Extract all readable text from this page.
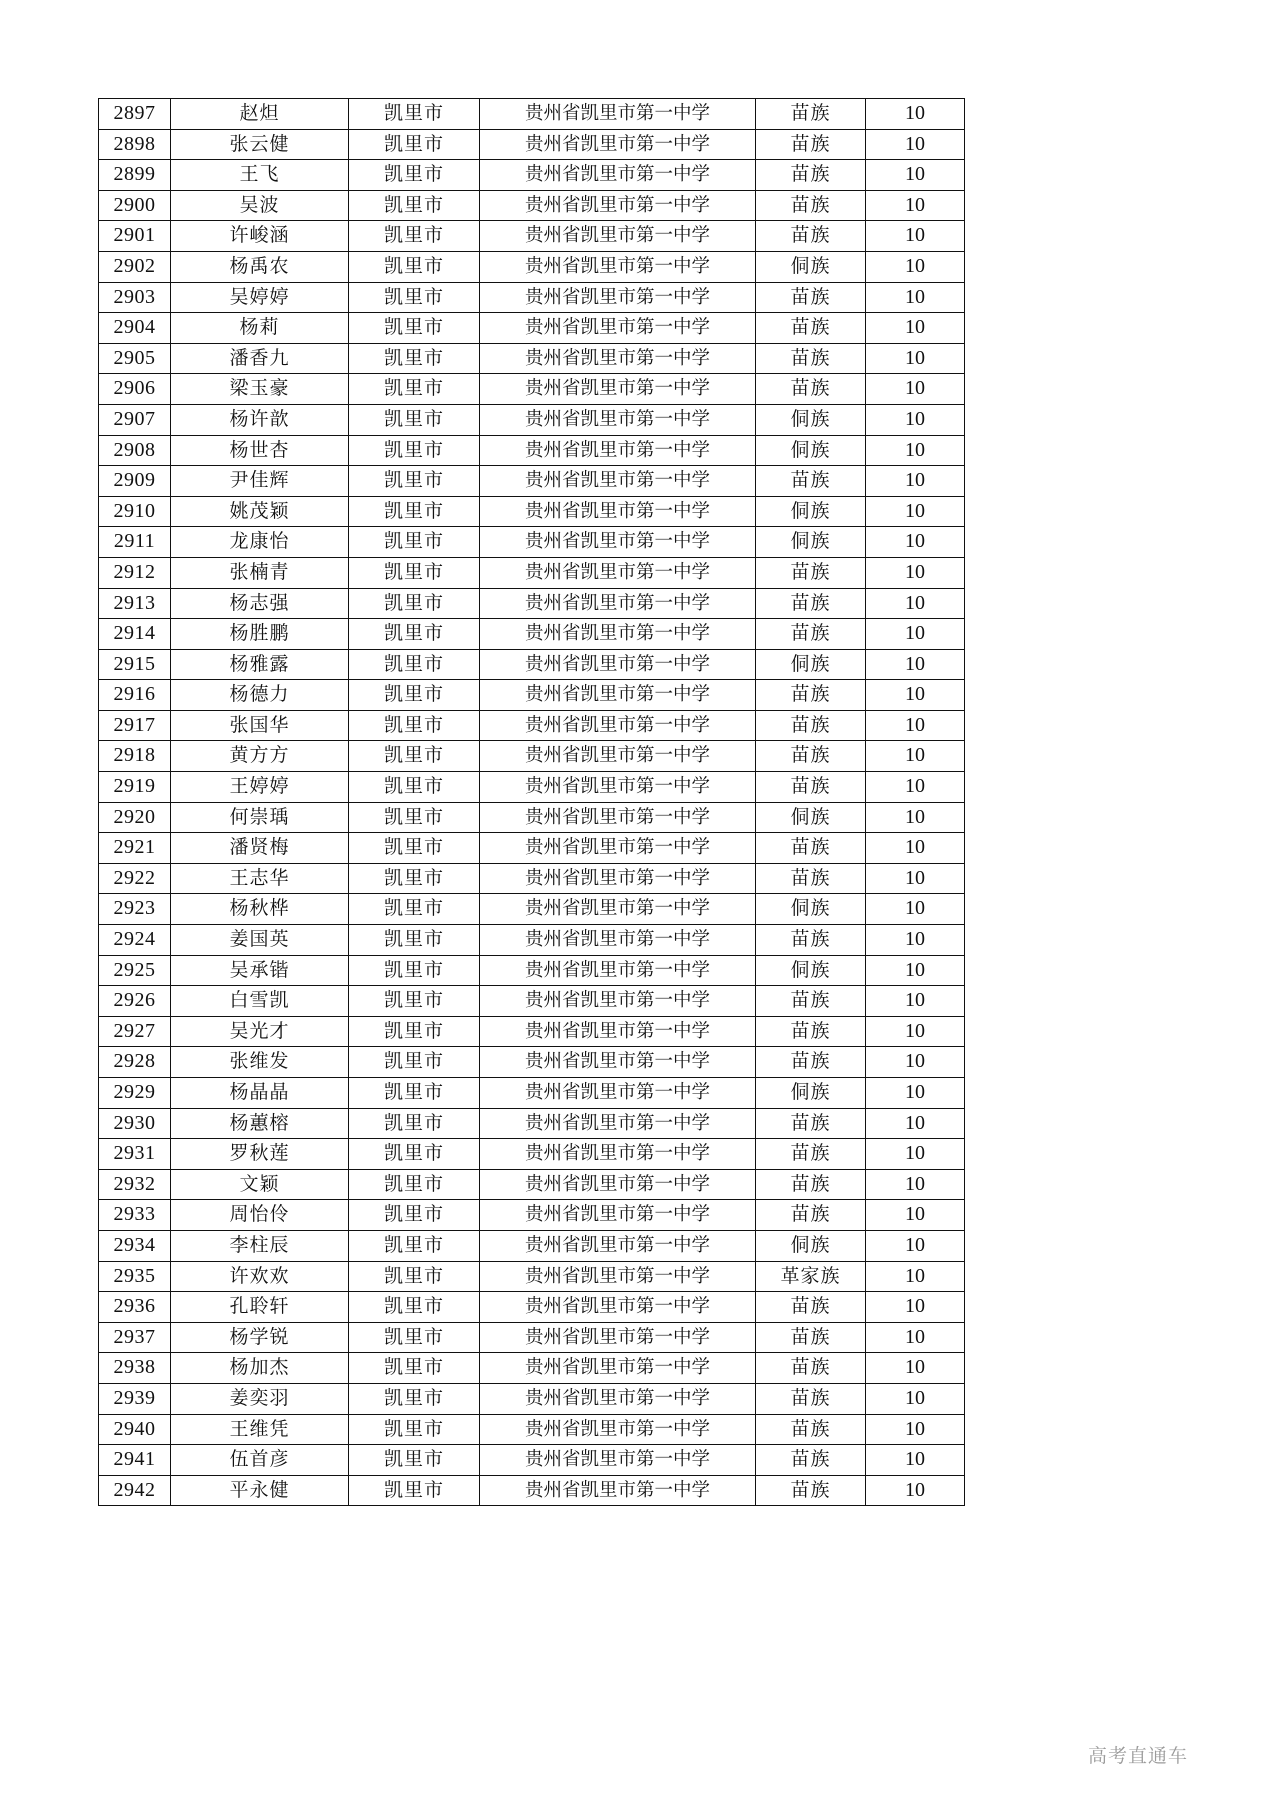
2897	赵炟	凯里市	贵州省凯里市第一中学	苗族	10
2898	张云健	凯里市	贵州省凯里市第一中学	苗族	10
2899	王飞	凯里市	贵州省凯里市第一中学	苗族	10
2900	吴波	凯里市	贵州省凯里市第一中学	苗族	10
2901	许峻涵	凯里市	贵州省凯里市第一中学	苗族	10
2902	杨禹农	凯里市	贵州省凯里市第一中学	侗族	10
2903	吴婷婷	凯里市	贵州省凯里市第一中学	苗族	10
2904	杨莉	凯里市	贵州省凯里市第一中学	苗族	10
2905	潘香九	凯里市	贵州省凯里市第一中学	苗族	10
2906	梁玉豪	凯里市	贵州省凯里市第一中学	苗族	10
2907	杨许歆	凯里市	贵州省凯里市第一中学	侗族	10
2908	杨世杏	凯里市	贵州省凯里市第一中学	侗族	10
2909	尹佳辉	凯里市	贵州省凯里市第一中学	苗族	10
2910	姚茂颖	凯里市	贵州省凯里市第一中学	侗族	10
2911	龙康怡	凯里市	贵州省凯里市第一中学	侗族	10
2912	张楠青	凯里市	贵州省凯里市第一中学	苗族	10
2913	杨志强	凯里市	贵州省凯里市第一中学	苗族	10
2914	杨胜鹏	凯里市	贵州省凯里市第一中学	苗族	10
2915	杨雅露	凯里市	贵州省凯里市第一中学	侗族	10
2916	杨德力	凯里市	贵州省凯里市第一中学	苗族	10
2917	张国华	凯里市	贵州省凯里市第一中学	苗族	10
2918	黄方方	凯里市	贵州省凯里市第一中学	苗族	10
2919	王婷婷	凯里市	贵州省凯里市第一中学	苗族	10
2920	何崇瑀	凯里市	贵州省凯里市第一中学	侗族	10
2921	潘贤梅	凯里市	贵州省凯里市第一中学	苗族	10
2922	王志华	凯里市	贵州省凯里市第一中学	苗族	10
2923	杨秋桦	凯里市	贵州省凯里市第一中学	侗族	10
2924	姜国英	凯里市	贵州省凯里市第一中学	苗族	10
2925	吴承锴	凯里市	贵州省凯里市第一中学	侗族	10
2926	白雪凯	凯里市	贵州省凯里市第一中学	苗族	10
2927	吴光才	凯里市	贵州省凯里市第一中学	苗族	10
2928	张维发	凯里市	贵州省凯里市第一中学	苗族	10
2929	杨晶晶	凯里市	贵州省凯里市第一中学	侗族	10
2930	杨蕙榕	凯里市	贵州省凯里市第一中学	苗族	10
2931	罗秋莲	凯里市	贵州省凯里市第一中学	苗族	10
2932	文颖	凯里市	贵州省凯里市第一中学	苗族	10
2933	周怡伶	凯里市	贵州省凯里市第一中学	苗族	10
2934	李柱辰	凯里市	贵州省凯里市第一中学	侗族	10
2935	许欢欢	凯里市	贵州省凯里市第一中学	革家族	10
2936	孔聆轩	凯里市	贵州省凯里市第一中学	苗族	10
2937	杨学锐	凯里市	贵州省凯里市第一中学	苗族	10
2938	杨加杰	凯里市	贵州省凯里市第一中学	苗族	10
2939	姜奕羽	凯里市	贵州省凯里市第一中学	苗族	10
2940	王维凭	凯里市	贵州省凯里市第一中学	苗族	10
2941	伍首彦	凯里市	贵州省凯里市第一中学	苗族	10
2942	平永健	凯里市	贵州省凯里市第一中学	苗族	10
高考直通车
